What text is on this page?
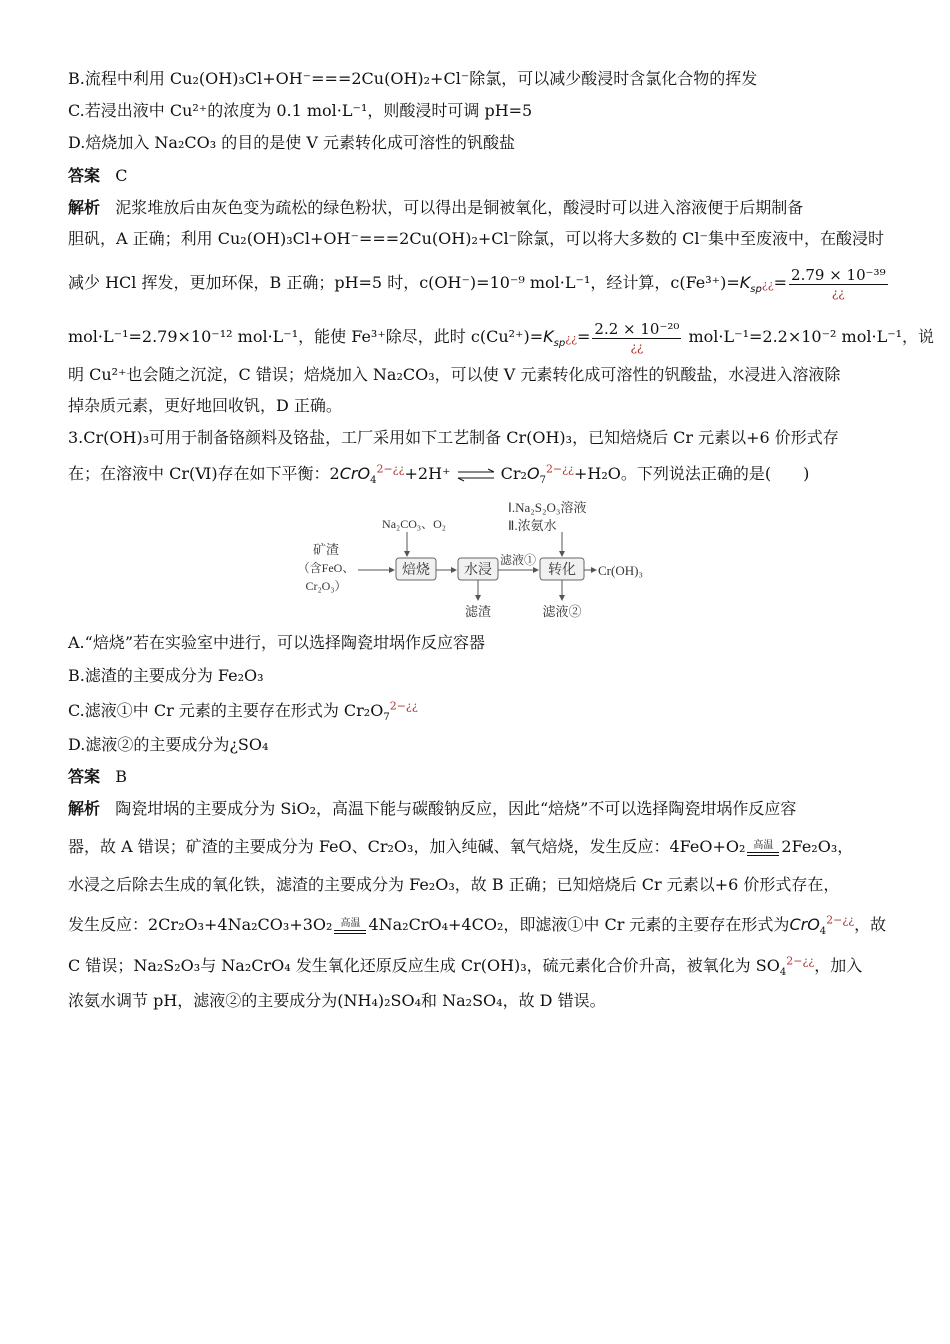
B.流程中利用 Cu₂(OH)₃Cl+OH⁻===2Cu(OH)₂+Cl⁻除氯，可以减少酸浸时含氯化合物的挥发
C.若浸出液中 Cu²⁺的浓度为 0.1 mol·L⁻¹，则酸浸时可调 pH=5
D.焙烧加入 Na₂CO₃ 的目的是使 V 元素转化成可溶性的钒酸盐
答案 C
解析 泥浆堆放后由灰色变为疏松的绿色粉状，可以得出是铜被氧化，酸浸时可以进入溶液便于后期制备
胆矾，A 正确；利用 Cu₂(OH)₃Cl+OH⁻===2Cu(OH)₂+Cl⁻除氯，可以将大多数的 Cl⁻集中至废液中，在酸浸时
减少 HCl 挥发，更加环保，B 正确；pH=5 时，c(OH⁻)=10⁻⁹ mol·L⁻¹，经计算，$c(Fe^{3+})=K_{sp}¿¿= \frac{\text{2.79 × 10⁻³⁹}}{¿¿}$
mol·L⁻¹=2.79×10⁻¹² mol·L⁻¹，能使 Fe³⁺除尽，此时 $c(Cu^{2+})=K_{sp}¿¿= \frac{\text{2.2 × 10⁻²⁰}}{¿¿} mol\cdot L^{-1}=2.2\times 10^{-2}$ mol·L⁻¹，说
明 Cu²⁺也会随之沉淀，C 错误；焙烧加入 Na₂CO₃，可以使 V 元素转化成可溶性的钒酸盐，水浸进入溶液除
掉杂质元素，更好地回收钒，D 正确。
3.Cr(OH)₃可用于制备铬颜料及铬盐，工厂采用如下工艺制备 Cr(OH)₃，已知焙烧后 Cr 元素以+6 价形式存
在；在溶液中 Cr(Ⅵ)存在如下平衡：2CrO$_4^{2-¿¿}$+2H⁺ ⇌ $Cr_2O_7^{2-¿¿}+H_2O$。下列说法正确的是(　　)
矿渣
（含FeO、
Cr₂O₃）
Na₂CO₃、O₂
焙烧 水浸
滤液①
转化 Cr(OH)₃
滤渣	滤液②
Ⅰ.Na₂S₂O₃溶液
Ⅱ.浓氨水
A.“焙烧”若在实验室中进行，可以选择陶瓷坩埚作反应容器
B.滤渣的主要成分为 Fe₂O₃
C.滤液①中 Cr 元素的主要存在形式为 $Cr_2O_7^{2-¿¿}$
D.滤液②的主要成分为¿SO₄
答案 B
解析 陶瓷坩埚的主要成分为 SiO₂，高温下能与碳酸钠反应，因此“焙烧”不可以选择陶瓷坩埚作反应容
器，故 A 错误；矿渣的主要成分为 FeO、Cr₂O₃，加入纯碱、氧气焙烧，发生反应：4FeO+O₂ 高温 2Fe₂O₃，
水浸之后除去生成的氧化铁，滤渣的主要成分为 Fe₂O₃，故 B 正确；已知焙烧后 Cr 元素以+6 价形式存在，
发生反应：2Cr₂O₃+4Na₂CO₃+3O₂ 高温 4Na₂CrO₄+4CO₂，即滤液①中 Cr 元素的主要存在形式为CrO$_4^{2-¿¿}$，故
C 错误；Na₂S₂O₃与 Na₂CrO₄ 发生氧化还原反应生成 Cr(OH)₃，硫元素化合价升高，被氧化为 $SO_4^{2-¿¿}$，加入
浓氨水调节 pH，滤液②的主要成分为(NH₄)₂SO₄和 Na₂SO₄，故 D 错误。
